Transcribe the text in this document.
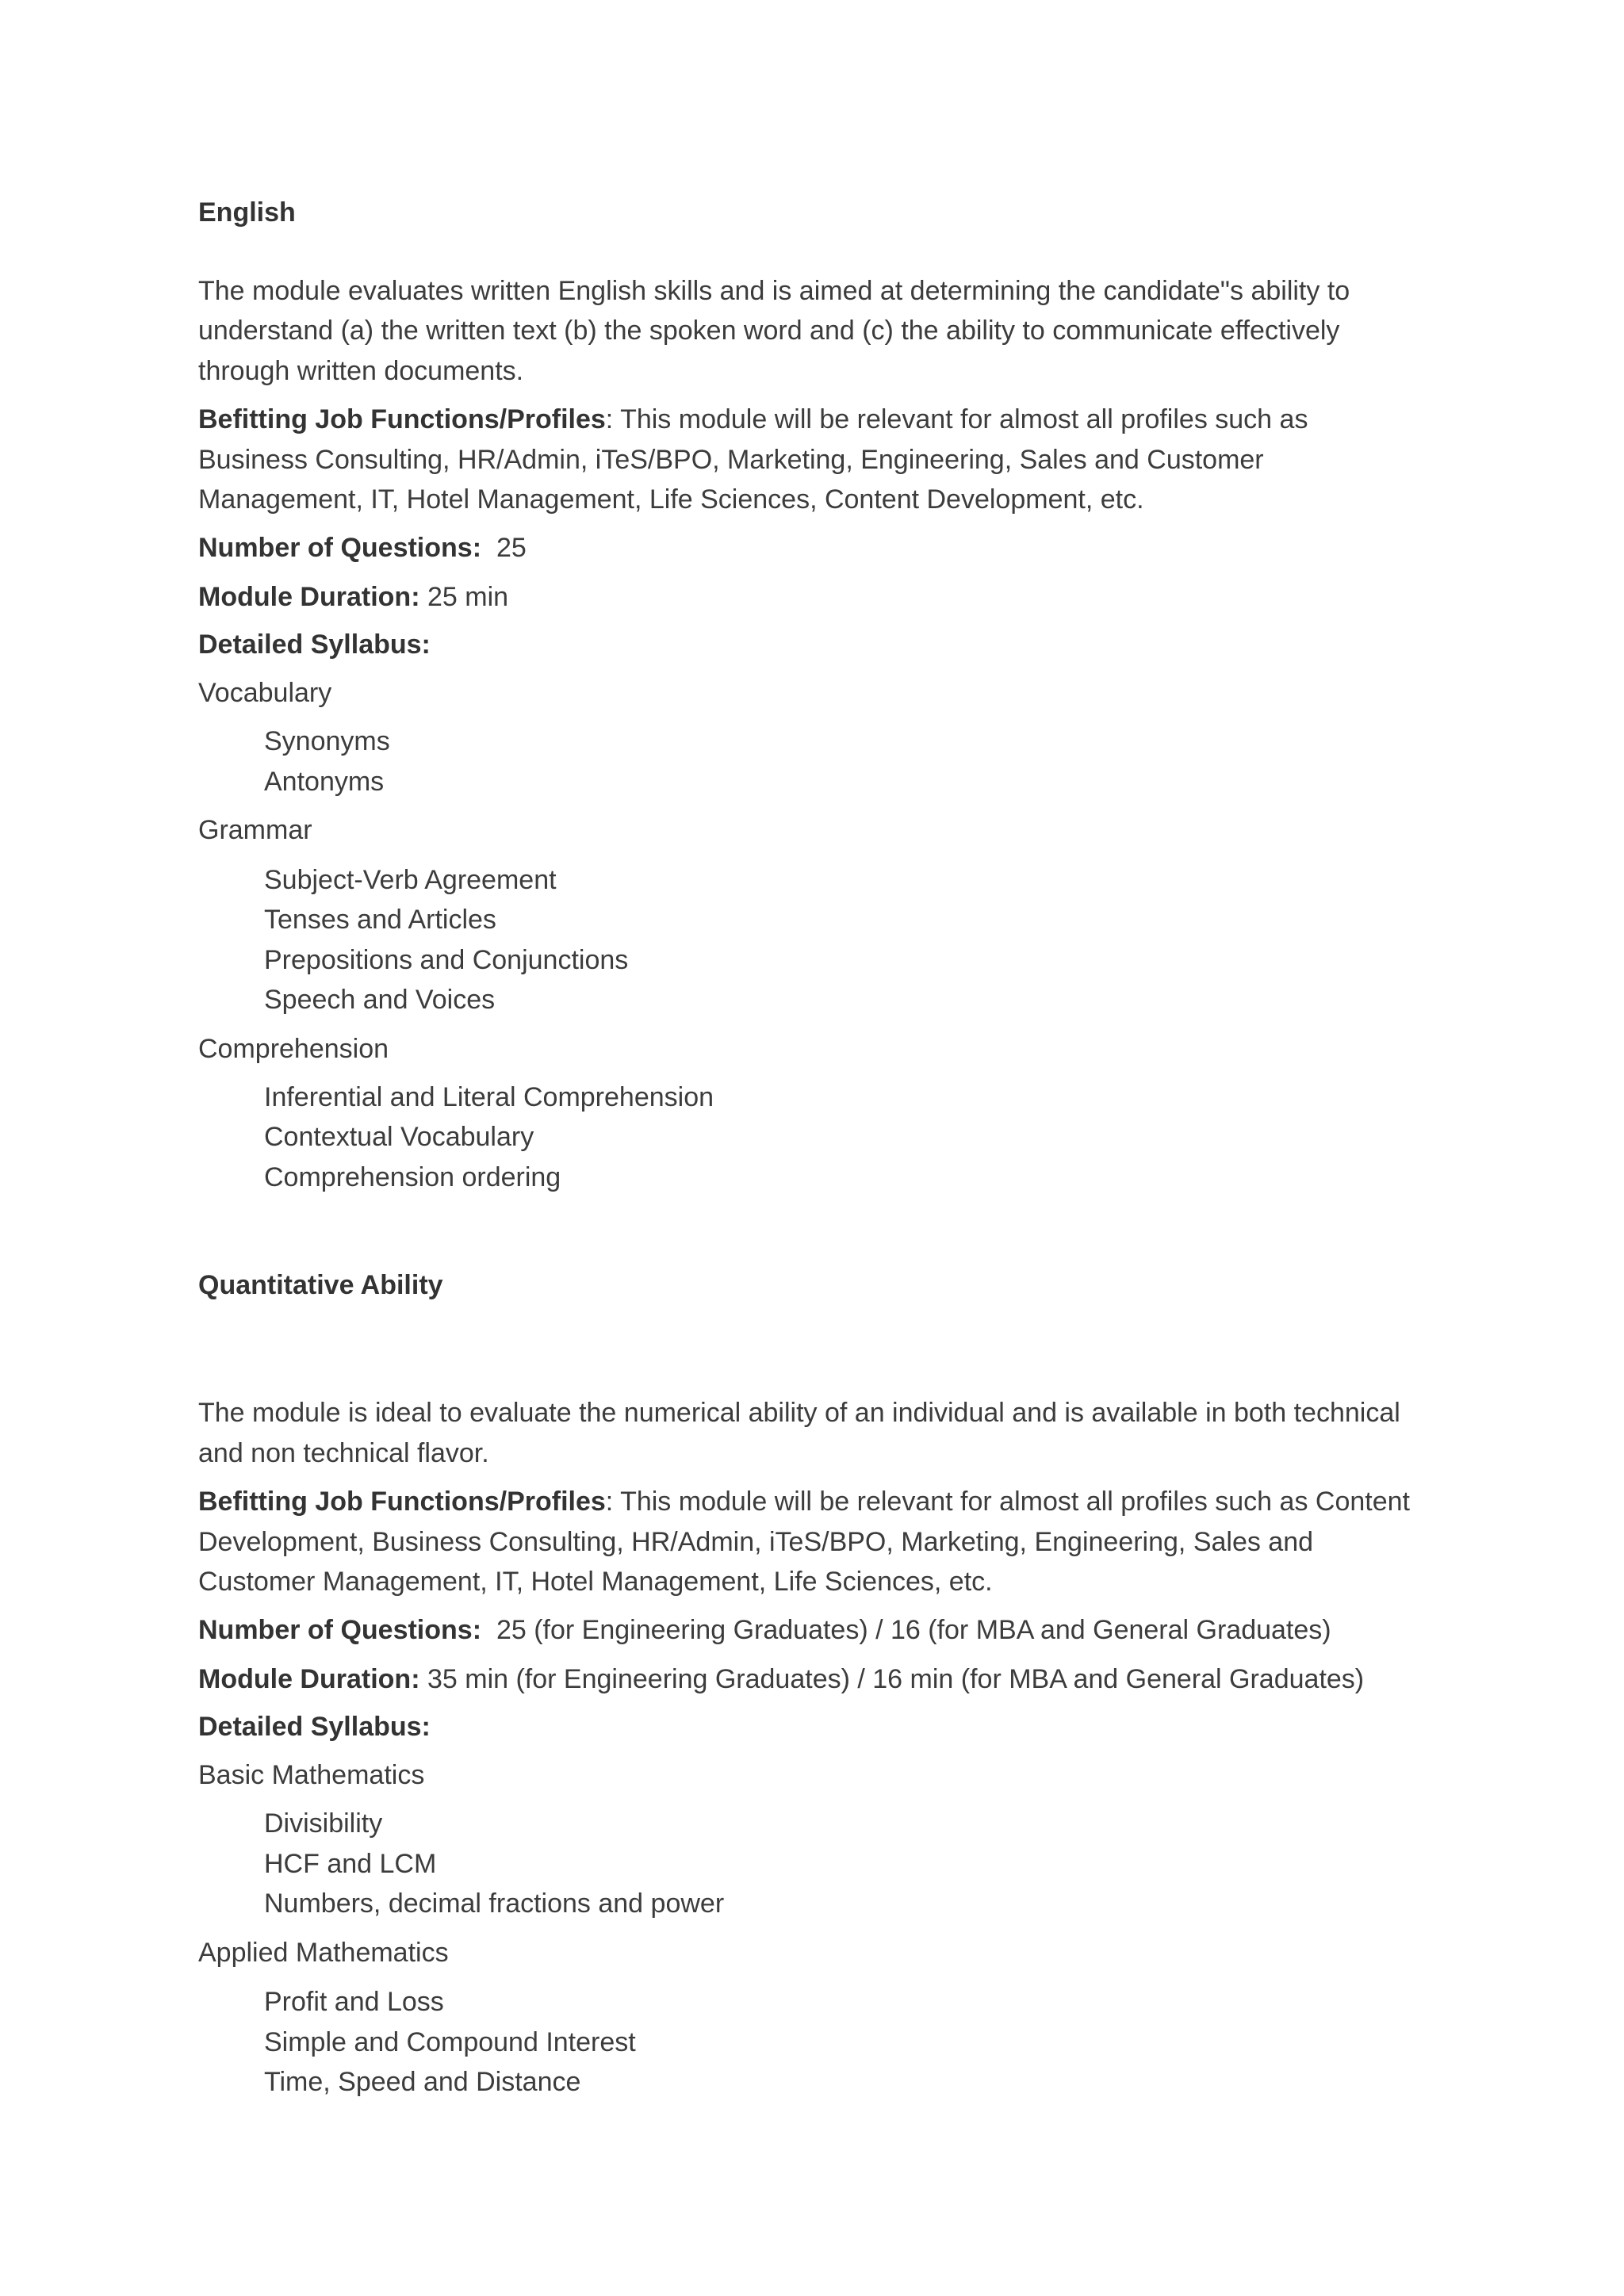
English
The module evaluates written English skills and is aimed at determining the candidate"s ability to
understand (a) the written text (b) the spoken word and (c) the ability to communicate effectively
through written documents.
Befitting Job Functions/Profiles: This module will be relevant for almost all profiles such as
Business Consulting, HR/Admin, iTeS/BPO, Marketing, Engineering, Sales and Customer
Management, IT, Hotel Management, Life Sciences, Content Development, etc.
Number of Questions: 25
Module Duration: 25 min
Detailed Syllabus:
Vocabulary
Synonyms
Antonyms
Grammar
Subject-Verb Agreement
Tenses and Articles
Prepositions and Conjunctions
Speech and Voices
Comprehension
Inferential and Literal Comprehension
Contextual Vocabulary
Comprehension ordering
Quantitative Ability
The module is ideal to evaluate the numerical ability of an individual and is available in both technical
and non technical flavor.
Befitting Job Functions/Profiles: This module will be relevant for almost all profiles such as Content
Development, Business Consulting, HR/Admin, iTeS/BPO, Marketing, Engineering, Sales and
Customer Management, IT, Hotel Management, Life Sciences, etc.
Number of Questions: 25 (for Engineering Graduates) / 16 (for MBA and General Graduates)
Module Duration: 35 min (for Engineering Graduates) / 16 min (for MBA and General Graduates)
Detailed Syllabus:
Basic Mathematics
Divisibility
HCF and LCM
Numbers, decimal fractions and power
Applied Mathematics
Profit and Loss
Simple and Compound Interest
Time, Speed and Distance
